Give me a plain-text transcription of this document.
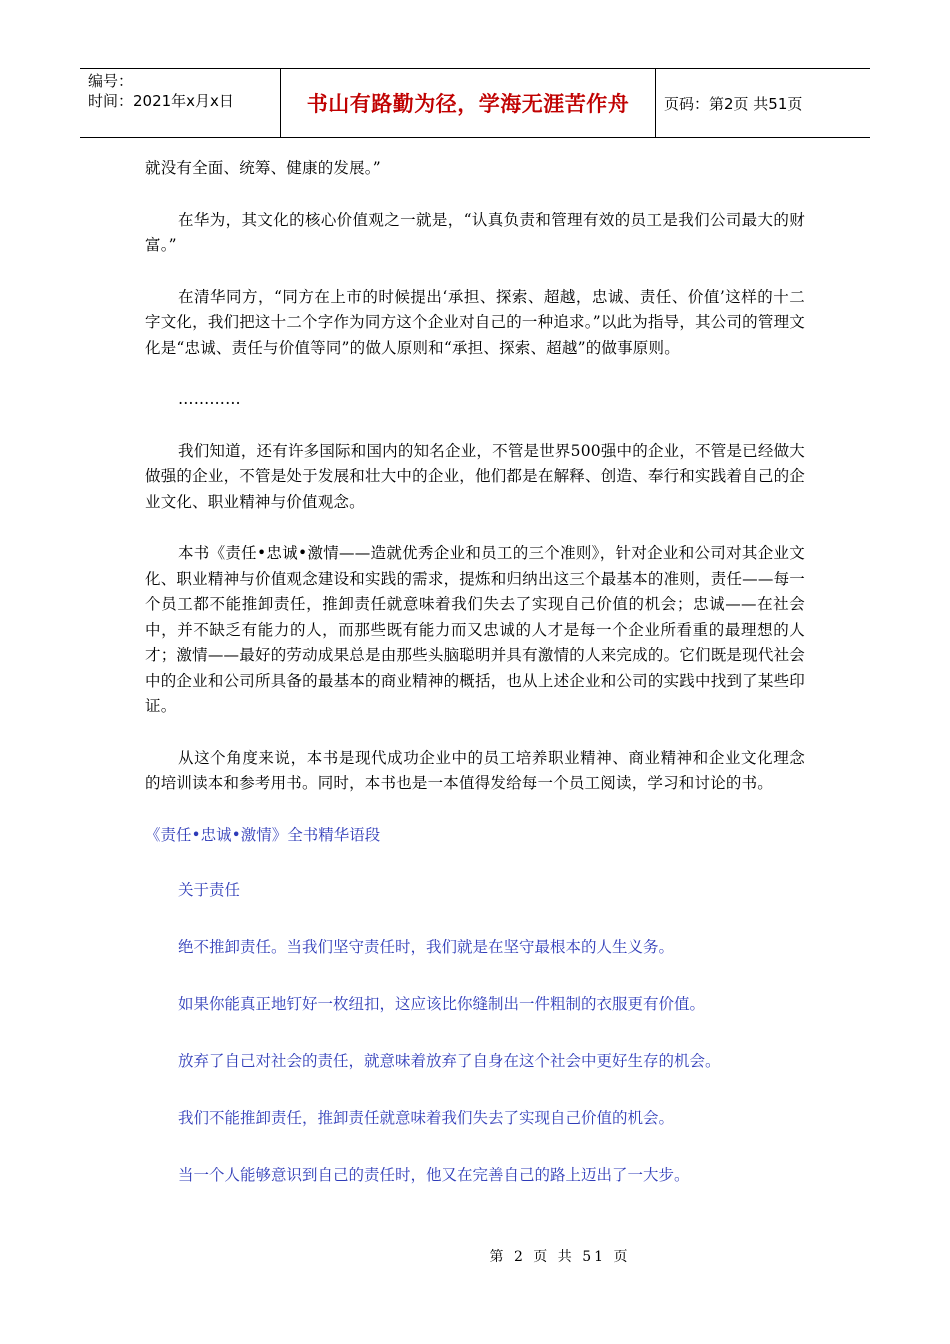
编号：
时间：2021年x月x日	书山有路勤为径，学海无涯苦作舟	页码：第2页 共51页

就没有全面、统筹、健康的发展。”

在华为，其文化的核心价值观之一就是，“认真负责和管理有效的员工是我们公司最大的财富。”

在清华同方，“同方在上市的时候提出‘承担、探索、超越，忠诚、责任、价值’这样的十二字文化，我们把这十二个字作为同方这个企业对自己的一种追求。”以此为指导，其公司的管理文化是“忠诚、责任与价值等同”的做人原则和“承担、探索、超越”的做事原则。

…………

我们知道，还有许多国际和国内的知名企业，不管是世界500强中的企业，不管是已经做大做强的企业，不管是处于发展和壮大中的企业，他们都是在解释、创造、奉行和实践着自己的企业文化、职业精神与价值观念。

本书《责任•忠诚•激情——造就优秀企业和员工的三个准则》，针对企业和公司对其企业文化、职业精神与价值观念建设和实践的需求，提炼和归纳出这三个最基本的准则，责任——每一个员工都不能推卸责任，推卸责任就意味着我们失去了实现自己价值的机会；忠诚——在社会中，并不缺乏有能力的人，而那些既有能力而又忠诚的人才是每一个企业所看重的最理想的人才；激情——最好的劳动成果总是由那些头脑聪明并具有激情的人来完成的。它们既是现代社会中的企业和公司所具备的最基本的商业精神的概括，也从上述企业和公司的实践中找到了某些印证。

从这个角度来说，本书是现代成功企业中的员工培养职业精神、商业精神和企业文化理念的培训读本和参考用书。同时，本书也是一本值得发给每一个员工阅读，学习和讨论的书。

《责任•忠诚•激情》全书精华语段
关于责任
绝不推卸责任。当我们坚守责任时，我们就是在坚守最根本的人生义务。
如果你能真正地钉好一枚纽扣，这应该比你缝制出一件粗制的衣服更有价值。
放弃了自己对社会的责任，就意味着放弃了自身在这个社会中更好生存的机会。
我们不能推卸责任，推卸责任就意味着我们失去了实现自己价值的机会。
当一个人能够意识到自己的责任时，他又在完善自己的路上迈出了一大步。
第 2 页 共 51 页
